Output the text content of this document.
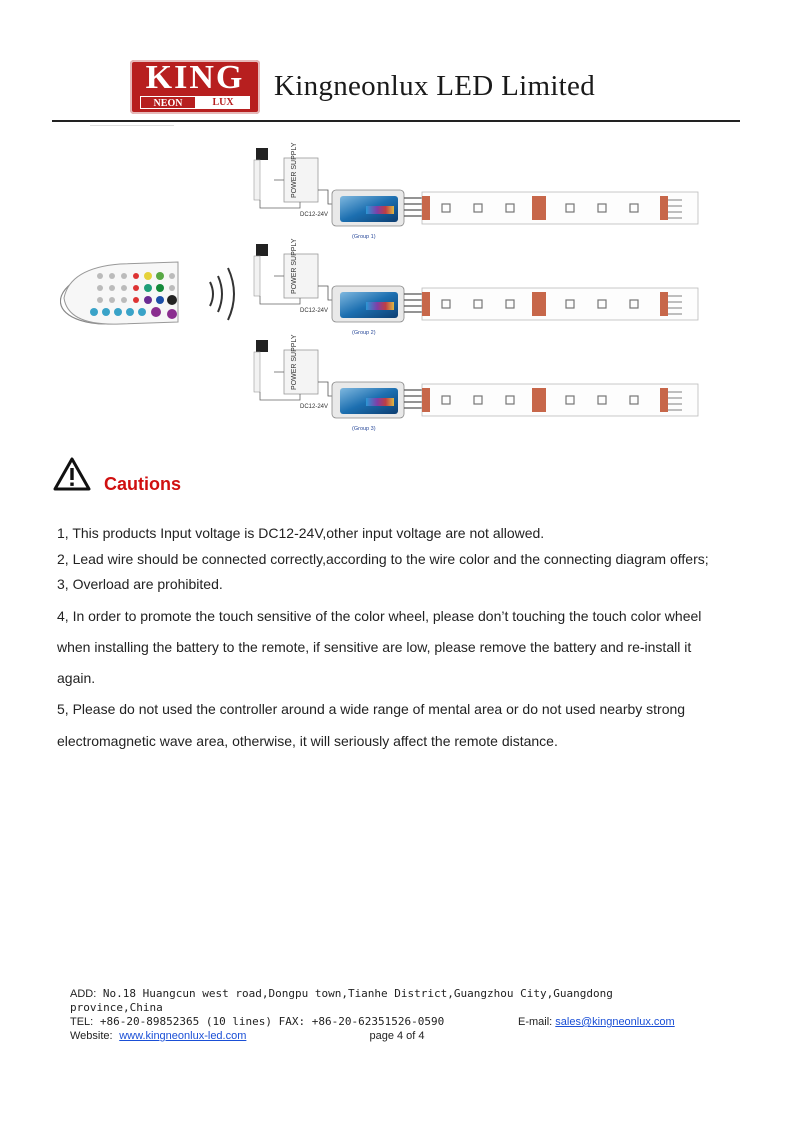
KING
NEON	LUX
Kingneonlux LED Limited
POWER SUPPLY
DC12-24V
(Group 1)
POWER SUPPLY
DC12-24V
(Group 2)
POWER SUPPLY
DC12-24V
(Group 3)
Cautions

1, This products Input voltage is DC12-24V,other input voltage are not allowed.

2, Lead wire should be connected correctly,according to the wire color and the connecting diagram offers;

3, Overload are prohibited.

4, In order to promote the touch sensitive of the color wheel, please don’t touching the touch color wheel

when installing the battery to the remote, if sensitive are low, please remove the battery and re-install it

again.

5, Please do not used the controller around a wide range of mental area or do not used nearby strong

electromagnetic wave area, otherwise, it will seriously affect the remote distance.

ADD: No.18 Huangcun west road,Dongpu town,Tianhe District,Guangzhou City,Guangdong province,China
TEL: +86-20-89852365 (10 lines) FAX: +86-20-62351526-0590
Website: www.kingneonlux-led.com
E-mail: sales@kingneonlux.com
page 4 of 4
